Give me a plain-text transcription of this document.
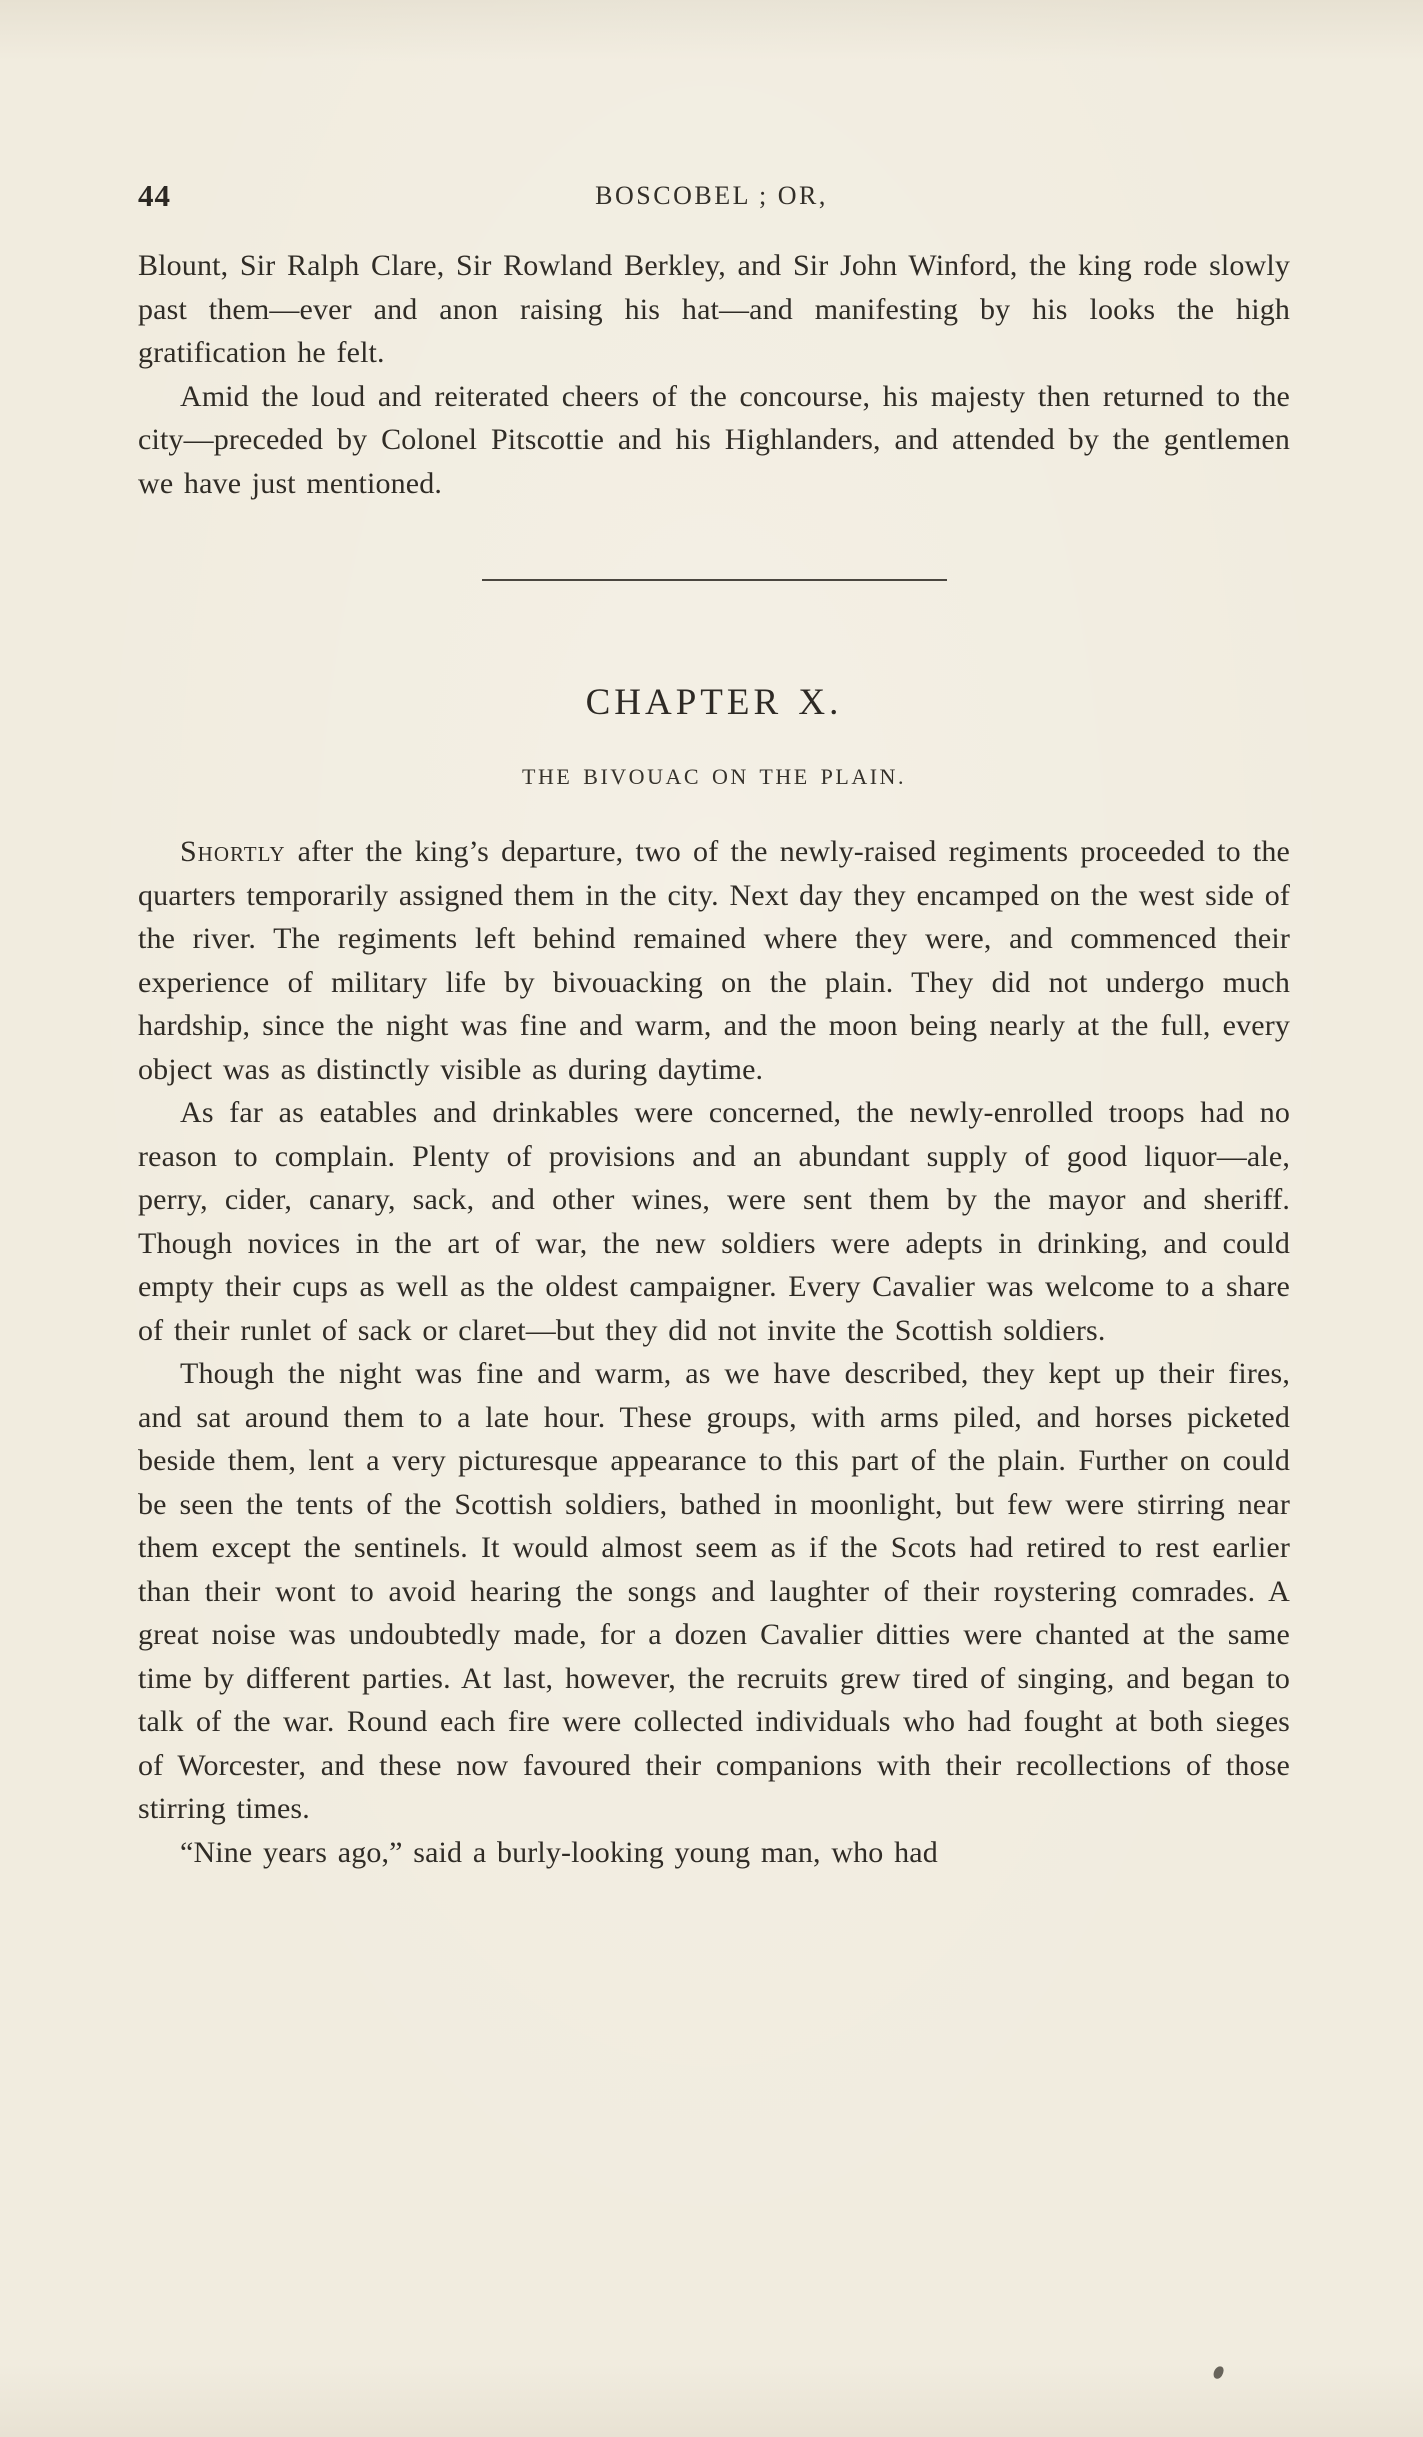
44	BOSCOBEL ; OR,

Blount, Sir Ralph Clare, Sir Rowland Berkley, and Sir John Winford, the king rode slowly past them—ever and anon raising his hat—and manifesting by his looks the high gratification he felt.

Amid the loud and reiterated cheers of the concourse, his majesty then returned to the city—preceded by Colonel Pitscottie and his Highlanders, and attended by the gentlemen we have just mentioned.

CHAPTER X.
THE BIVOUAC ON THE PLAIN.

Shortly after the king’s departure, two of the newly-raised regiments proceeded to the quarters temporarily assigned them in the city. Next day they encamped on the west side of the river. The regiments left behind remained where they were, and commenced their experience of military life by bivouacking on the plain. They did not undergo much hardship, since the night was fine and warm, and the moon being nearly at the full, every object was as distinctly visible as during daytime.

As far as eatables and drinkables were concerned, the newly-enrolled troops had no reason to complain. Plenty of provisions and an abundant supply of good liquor—ale, perry, cider, canary, sack, and other wines, were sent them by the mayor and sheriff. Though novices in the art of war, the new soldiers were adepts in drinking, and could empty their cups as well as the oldest campaigner. Every Cavalier was welcome to a share of their runlet of sack or claret—but they did not invite the Scottish soldiers.

Though the night was fine and warm, as we have described, they kept up their fires, and sat around them to a late hour. These groups, with arms piled, and horses picketed beside them, lent a very picturesque appearance to this part of the plain. Further on could be seen the tents of the Scottish soldiers, bathed in moonlight, but few were stirring near them except the sentinels. It would almost seem as if the Scots had retired to rest earlier than their wont to avoid hearing the songs and laughter of their roystering comrades. A great noise was undoubtedly made, for a dozen Cavalier ditties were chanted at the same time by different parties. At last, however, the recruits grew tired of singing, and began to talk of the war. Round each fire were collected individuals who had fought at both sieges of Worcester, and these now favoured their companions with their recollections of those stirring times.

“Nine years ago,” said a burly-looking young man, who had
